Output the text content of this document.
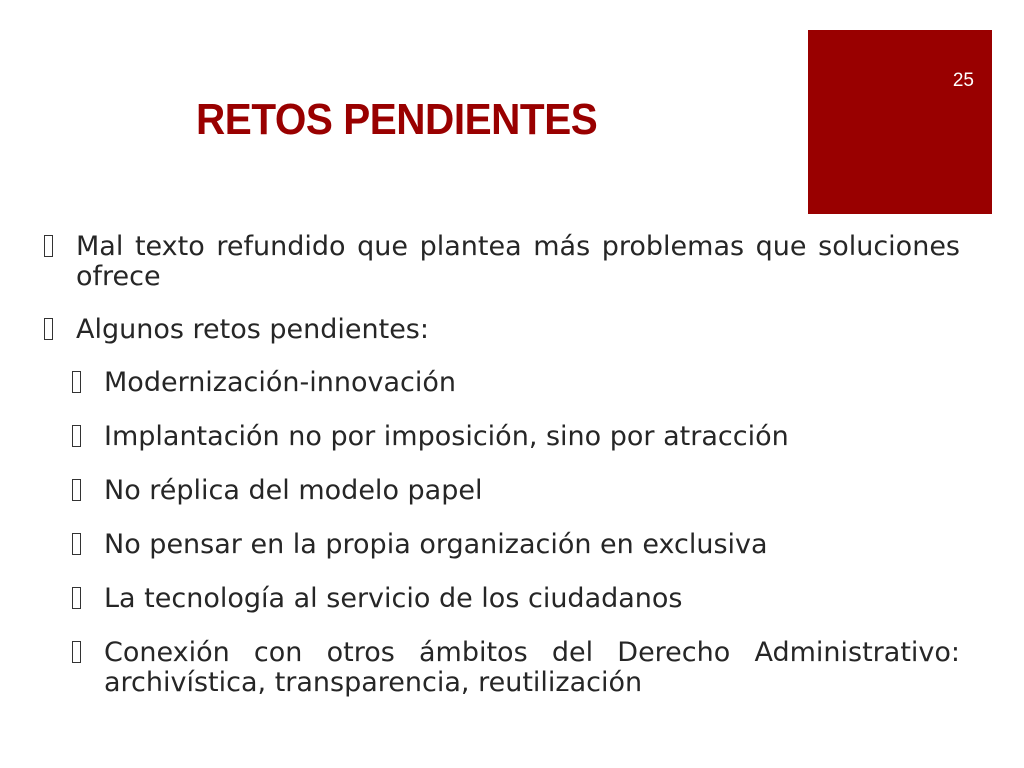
25
RETOS PENDIENTES
Mal texto refundido que plantea más problemas que soluciones ofrece
Algunos retos pendientes:
Modernización-innovación
Implantación no por imposición, sino por atracción
No réplica del modelo papel
No pensar en la propia organización en exclusiva
La tecnología al servicio de los ciudadanos
Conexión con otros ámbitos del Derecho Administrativo: archivística, transparencia, reutilización
